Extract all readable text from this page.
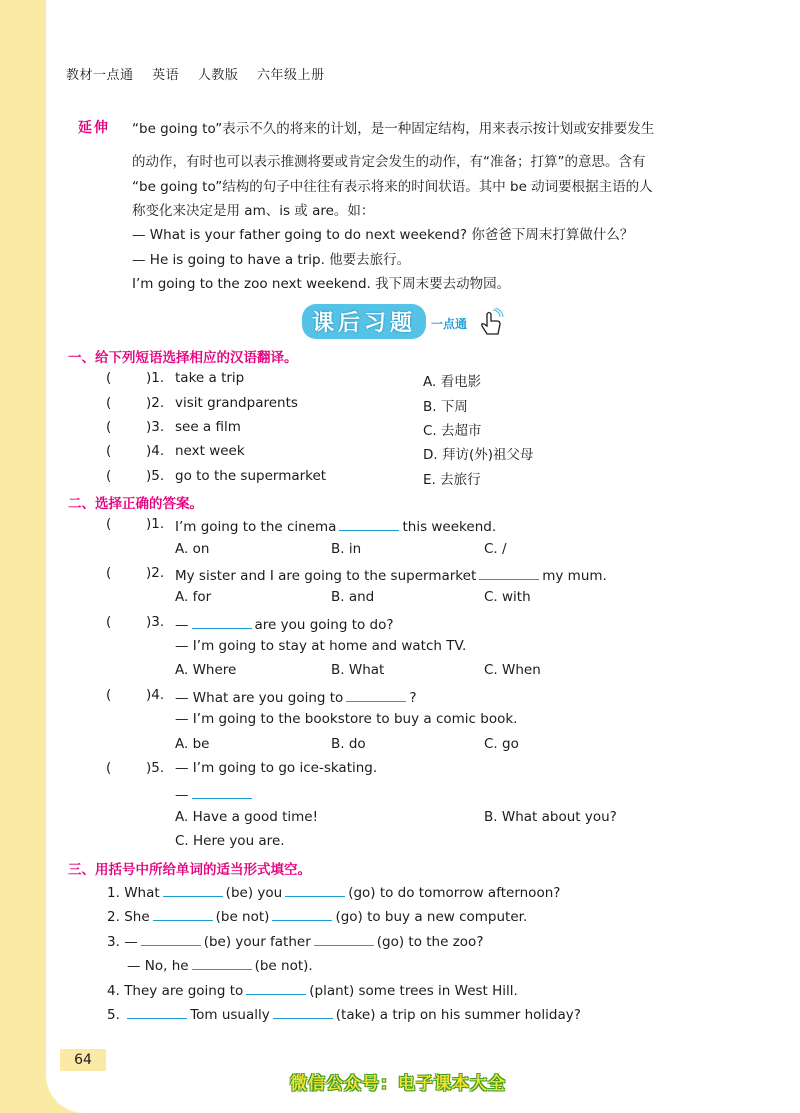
教材一点通 英语 人教版 六年级上册
延伸 “be going to”表示不久的将来的计划，是一种固定结构，用来表示按计划或安排要发生
的动作，有时也可以表示推测将要或肯定会发生的动作，有“准备；打算”的意思。含有
“be going to”结构的句子中往往有表示将来的时间状语。其中 be 动词要根据主语的人
称变化来决定是用 am、is 或 are。如：
— What is your father going to do next weekend? 你爸爸下周末打算做什么？
— He is going to have a trip. 他要去旅行。
I’m going to the zoo next weekend. 我下周末要去动物园。
课后习题	一点通
一、给下列短语选择相应的汉语翻译。
(	)1. take a trip	A. 看电影
(	)2. visit grandparents	B. 下周
(	)3. see a film	C. 去超市
(	)4. next week	D. 拜访(外)祖父母
(	)5. go to the supermarket	E. 去旅行
二、选择正确的答案。
(	)1. I’m going to the cinema	this weekend.
A. on	B. in	C. /
(	)2. My sister and I are going to the supermarket	my mum.
A. for	B. and	C. with
(	)3. —	are you going to do?
— I’m going to stay at home and watch TV.
A. Where	B. What	C. When
(	)4. — What are you going to	?
— I’m going to the bookstore to buy a comic book.
A. be	B. do	C. go
(	)5. — I’m going to go ice-skating.
—
A. Have a good time!	B. What about you?
C. Here you are.
三、用括号中所给单词的适当形式填空。
1. What	(be) you	(go) to do tomorrow afternoon?
2. She	(be not)	(go) to buy a new computer.
3. —	(be) your father	(go) to the zoo?
— No, he	(be not).
4. They are going to	(plant) some trees in West Hill.
5.	Tom usually	(take) a trip on his summer holiday?
64
微信公众号：电子课本大全
